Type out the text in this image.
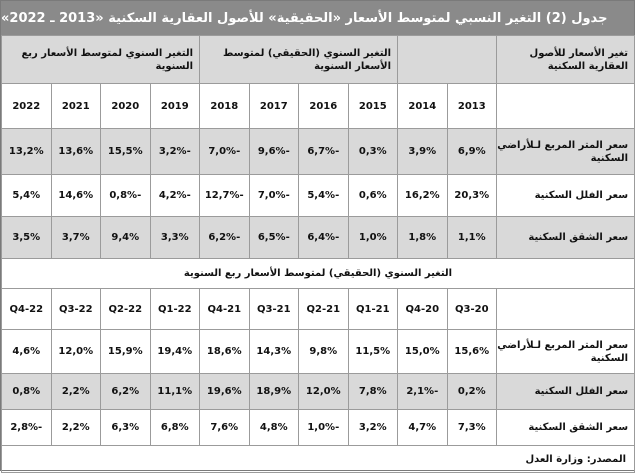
جدول (2) التغير النسبي لمتوسط الأسعار «الحقيقية» للأصول العقارية السكنية «2013 ـ 2022»
تغير الأسعار للأصول العقارية السكنية			التغير السنوي (الحقيقي) لمتوسط الأسعار السنوية				التغير السنوي لمتوسط الأسعار ربع السنوية			
	2013	2014	2015	2016	2017	2018	2019	2020	2021	2022
سعر المتر المربع لـلأراضي السكنية	6,9%	3,9%	0,3%	-6,7%	-9,6%	-7,0%	-3,2%	15,5%	13,6%	13,2%
سعر الفلل السكنية	20,3%	16,2%	0,6%	-5,4%	-7,0%	-12,7%	-4,2%	-0,8%	14,6%	5,4%
سعر الشقق السكنية	1,1%	1,8%	1,0%	-6,4%	-6,5%	-6,2%	3,3%	9,4%	3,7%	3,5%
التغير السنوي (الحقيقي) لمتوسط الأسعار ربع السنوية										
	20-Q3	20-Q4	21-Q1	21-Q2	21-Q3	21-Q4	22-Q1	22-Q2	22-Q3	22-Q4
سعر المتر المربع لـلأراضي السكنية	15,6%	15,0%	11,5%	9,8%	14,3%	18,6%	19,4%	15,9%	12,0%	4,6%
سعر الفلل السكنية	0,2%	-2,1%	7,8%	12,0%	18,9%	19,6%	11,1%	6,2%	2,2%	0,8%
سعر الشقق السكنية	7,3%	4,7%	3,2%	-1,0%	4,8%	7,6%	6,8%	6,3%	2,2%	-2,8%
المصدر: وزارة العدل										
